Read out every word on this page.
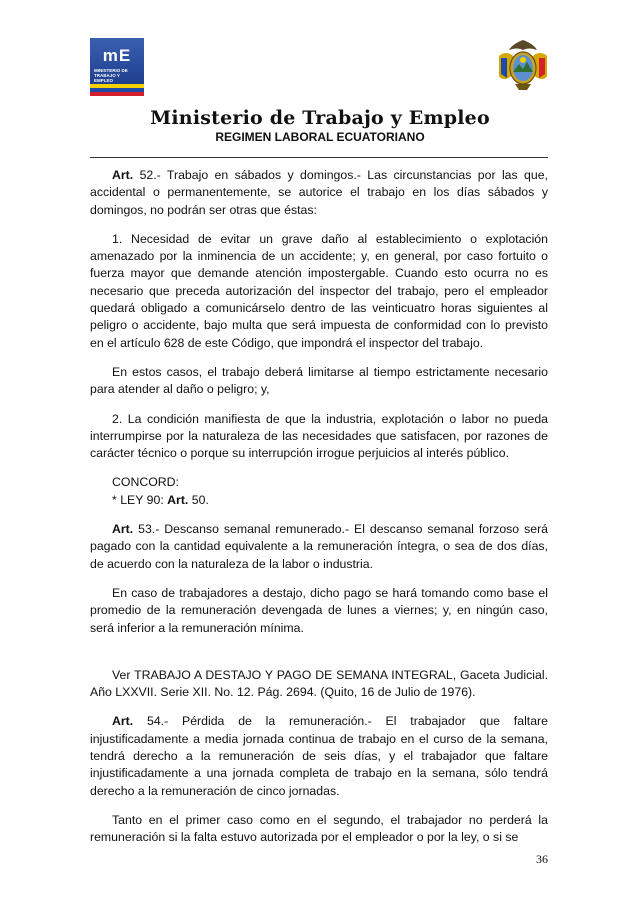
mE
MINISTERIO DE TRABAJO Y EMPLEO
Ministerio de Trabajo y Empleo
REGIMEN LABORAL ECUATORIANO

Art. 52.- Trabajo en sábados y domingos.- Las circunstancias por las que, accidental o permanentemente, se autorice el trabajo en los días sábados y domingos, no podrán ser otras que éstas:

1. Necesidad de evitar un grave daño al establecimiento o explotación amenazado por la inminencia de un accidente; y, en general, por caso fortuito o fuerza mayor que demande atención impostergable. Cuando esto ocurra no es necesario que preceda autorización del inspector del trabajo, pero el empleador quedará obligado a comunicárselo dentro de las veinticuatro horas siguientes al peligro o accidente, bajo multa que será impuesta de conformidad con lo previsto en el artículo 628 de este Código, que impondrá el inspector del trabajo.

En estos casos, el trabajo deberá limitarse al tiempo estrictamente necesario para atender al daño o peligro; y,

2. La condición manifiesta de que la industria, explotación o labor no pueda interrumpirse por la naturaleza de las necesidades que satisfacen, por razones de carácter técnico o porque su interrupción irrogue perjuicios al interés público.

CONCORD:

* LEY 90: Art. 50.

Art. 53.- Descanso semanal remunerado.- El descanso semanal forzoso será pagado con la cantidad equivalente a la remuneración íntegra, o sea de dos días, de acuerdo con la naturaleza de la labor o industria.

En caso de trabajadores a destajo, dicho pago se hará tomando como base el promedio de la remuneración devengada de lunes a viernes; y, en ningún caso, será inferior a la remuneración mínima.

Ver TRABAJO A DESTAJO Y PAGO DE SEMANA INTEGRAL, Gaceta Judicial. Año LXXVII. Serie XII. No. 12. Pág. 2694. (Quito, 16 de Julio de 1976).

Art. 54.- Pérdida de la remuneración.- El trabajador que faltare injustificadamente a media jornada continua de trabajo en el curso de la semana, tendrá derecho a la remuneración de seis días, y el trabajador que faltare injustificadamente a una jornada completa de trabajo en la semana, sólo tendrá derecho a la remuneración de cinco jornadas.

Tanto en el primer caso como en el segundo, el trabajador no perderá la remuneración si la falta estuvo autorizada por el empleador o por la ley, o si se

36
